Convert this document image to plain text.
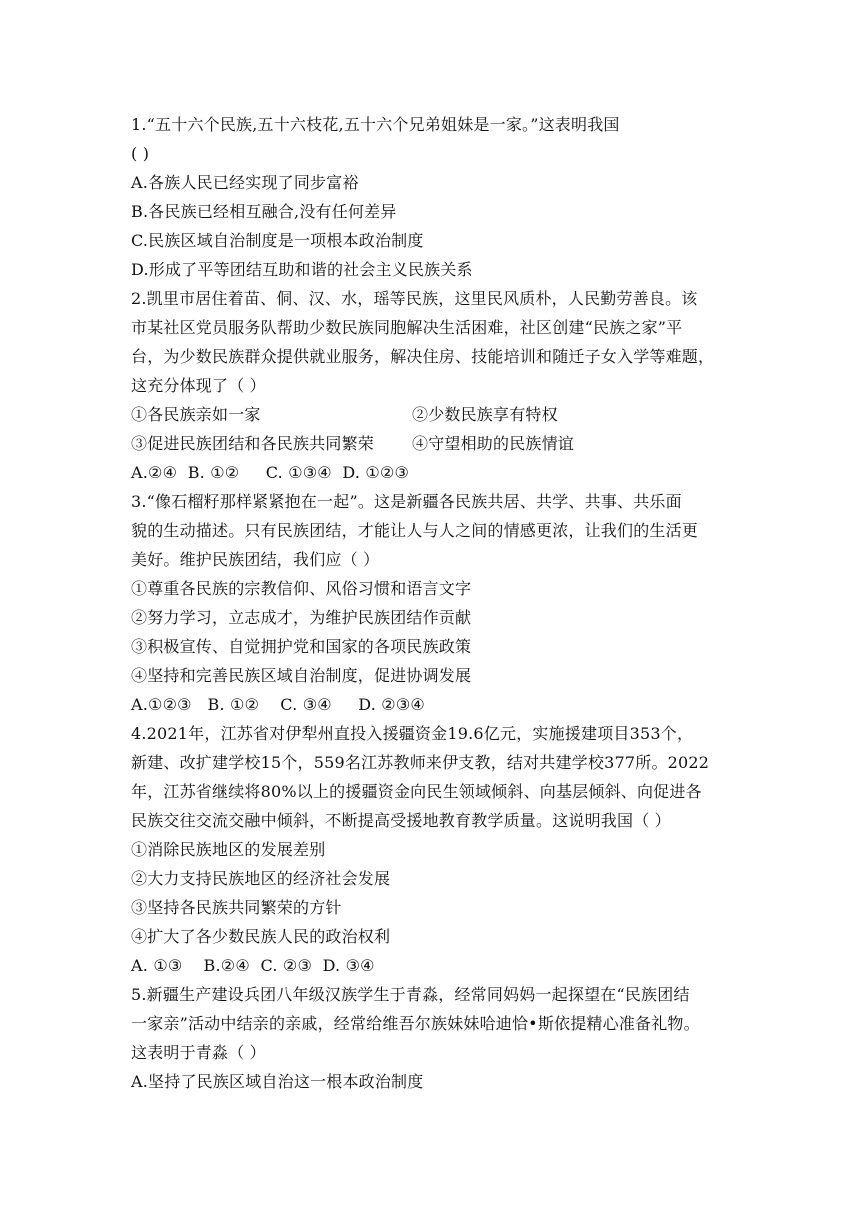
1.“五十六个民族,五十六枝花,五十六个兄弟姐妹是一家。”这表明我国
( )
A.各族人民已经实现了同步富裕
B.各民族已经相互融合,没有任何差异
C.民族区域自治制度是一项根本政治制度
D.形成了平等团结互助和谐的社会主义民族关系
2.凯里市居住着苗、侗、汉、水，瑶等民族，这里民风质朴，人民勤劳善良。该
市某社区党员服务队帮助少数民族同胞解决生活困难，社区创建“民族之家”平
台，为少数民族群众提供就业服务，解决住房、技能培训和随迁子女入学等难题，
这充分体现了（ ）
①各民族亲如一家	②少数民族享有特权
③促进民族团结和各民族共同繁荣	④守望相助的民族情谊
A.②④  B. ①②     C. ①③④  D. ①②③
3.“像石榴籽那样紧紧抱在一起”。这是新疆各民族共居、共学、共事、共乐面
貌的生动描述。只有民族团结，才能让人与人之间的情感更浓，让我们的生活更
美好。维护民族团结，我们应（ ）
①尊重各民族的宗教信仰、风俗习惯和语言文字
②努力学习，立志成才，为维护民族团结作贡献
③积极宣传、自觉拥护党和国家的各项民族政策
④坚持和完善民族区域自治制度，促进协调发展
A.①②③   B. ①②    C. ③④     D. ②③④
4.2021年，江苏省对伊犁州直投入援疆资金19.6亿元，实施援建项目353个，
新建、改扩建学校15个，559名江苏教师来伊支教，结对共建学校377所。2022
年，江苏省继续将80%以上的援疆资金向民生领域倾斜、向基层倾斜、向促进各
民族交往交流交融中倾斜，不断提高受援地教育教学质量。这说明我国（ ）
①消除民族地区的发展差别
②大力支持民族地区的经济社会发展
③坚持各民族共同繁荣的方针
④扩大了各少数民族人民的政治权利
A. ①③    B.②④  C. ②③  D. ③④
5.新疆生产建设兵团八年级汉族学生于青淼，经常同妈妈一起探望在“民族团结
一家亲”活动中结亲的亲戚，经常给维吾尔族妹妹哈迪恰•斯依提精心准备礼物。
这表明于青淼（ ）
A.坚持了民族区域自治这一根本政治制度
